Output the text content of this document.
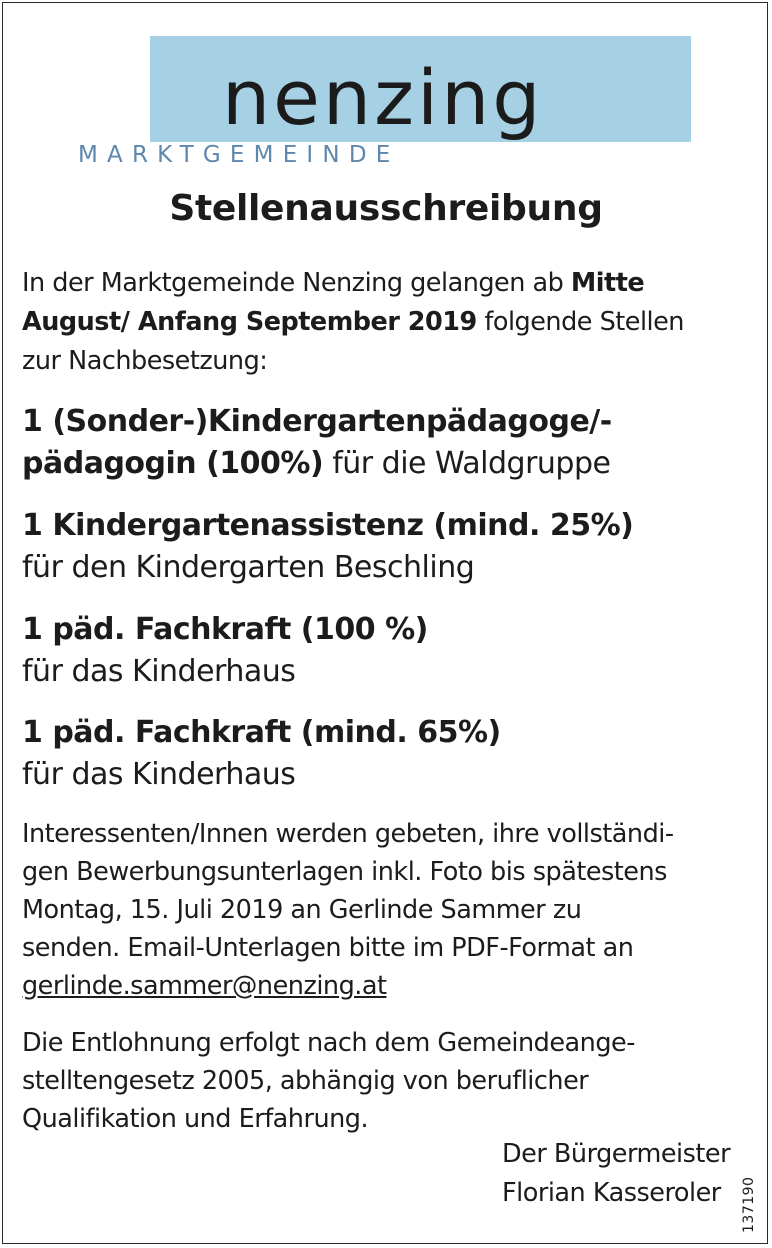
nenzing
MARKTGEMEINDE
Stellenausschreibung

In der Marktgemeinde Nenzing gelangen ab Mitte
August/ Anfang September 2019 folgende Stellen
zur Nachbesetzung:

1 (Sonder-)Kindergartenpädagoge/-
pädagogin (100%) für die Waldgruppe

1 Kindergartenassistenz (mind. 25%)
für den Kindergarten Beschling

1 päd. Fachkraft (100 %)
für das Kinderhaus

1 päd. Fachkraft (mind. 65%)
für das Kinderhaus

Interessenten/Innen werden gebeten, ihre vollständi-
gen Bewerbungsunterlagen inkl. Foto bis spätestens
Montag, 15. Juli 2019 an Gerlinde Sammer zu
senden. Email-Unterlagen bitte im PDF-Format an
gerlinde.sammer@nenzing.at

Die Entlohnung erfolgt nach dem Gemeindeange-
stelltengesetz 2005, abhängig von beruflicher
Qualifikation und Erfahrung.

Der Bürgermeister
Florian Kasseroler	137190
